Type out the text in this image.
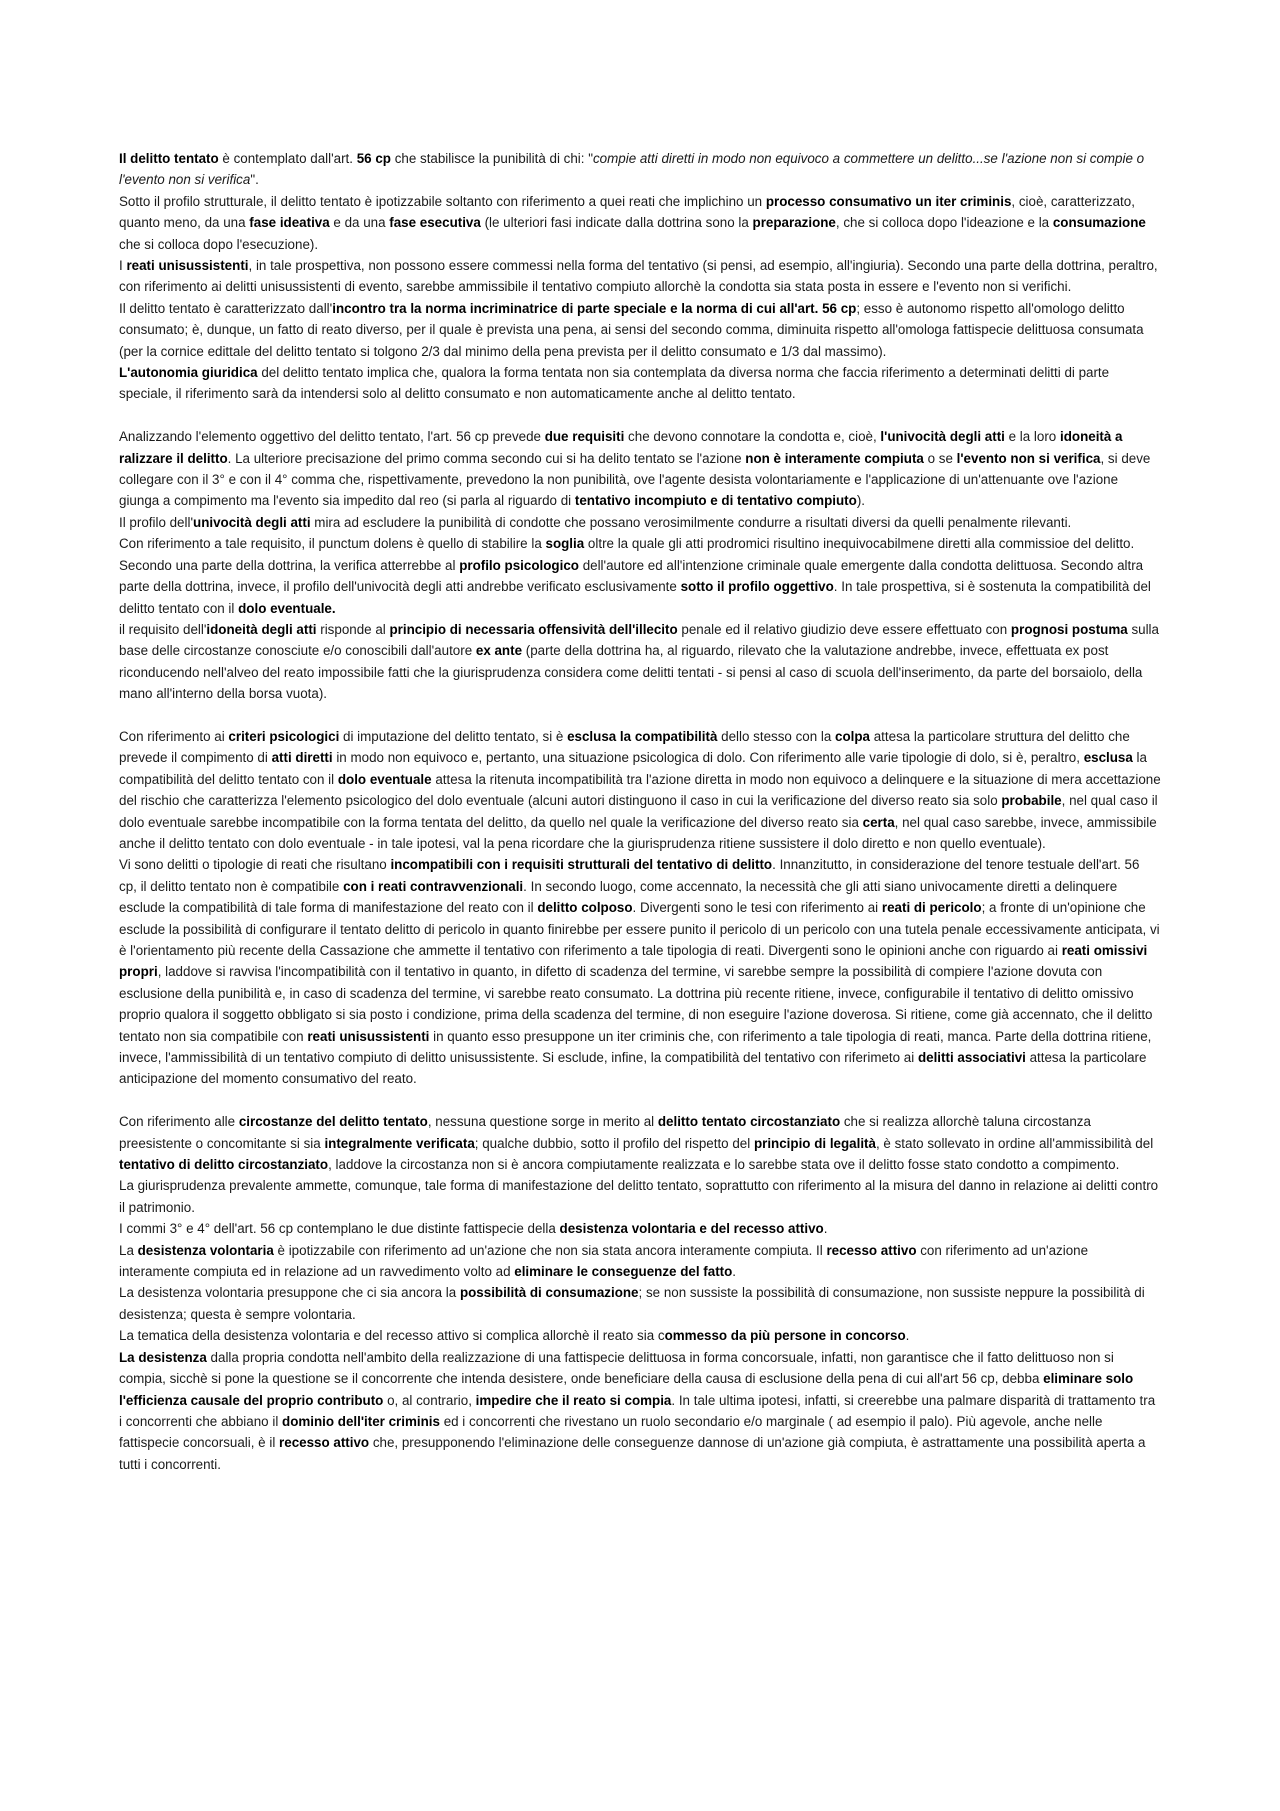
Il delitto tentato è contemplato dall'art. 56 cp che stabilisce la punibilità di chi: "compie atti diretti in modo non equivoco a commettere un delitto...se l'azione non si compie o l'evento non si verifica".

Sotto il profilo strutturale, il delitto tentato è ipotizzabile soltanto con riferimento a quei reati che implichino un processo consumativo un iter criminis, cioè, caratterizzato, quanto meno, da una fase ideativa e da una fase esecutiva (le ulteriori fasi indicate dalla dottrina sono la preparazione, che si colloca dopo l'ideazione e la consumazione che si colloca dopo l'esecuzione).

I reati unisussistenti, in tale prospettiva, non possono essere commessi nella forma del tentativo (si pensi, ad esempio, all'ingiuria). Secondo una parte della dottrina, peraltro, con riferimento ai delitti unisussistenti di evento, sarebbe ammissibile il tentativo compiuto allorchè la condotta sia stata posta in essere e l'evento non si verifichi.

Il delitto tentato è caratterizzato dall'incontro tra la norma incriminatrice di parte speciale e la norma di cui all'art. 56 cp; esso è autonomo rispetto all'omologo delitto consumato; è, dunque, un fatto di reato diverso, per il quale è prevista una pena, ai sensi del secondo comma, diminuita rispetto all'omologa fattispecie delittuosa consumata (per la cornice edittale del delitto tentato si tolgono 2/3 dal minimo della pena prevista per il delitto consumato e 1/3 dal massimo).

L'autonomia giuridica del delitto tentato implica che, qualora la forma tentata non sia contemplata da diversa norma che faccia riferimento a determinati delitti di parte speciale, il riferimento sarà da intendersi solo al delitto consumato e non automaticamente anche al delitto tentato.

Analizzando l'elemento oggettivo del delitto tentato, l'art. 56 cp prevede due requisiti che devono connotare la condotta e, cioè, l'univocità degli atti e la loro idoneità a ralizzare il delitto. La ulteriore precisazione del primo comma secondo cui si ha delito tentato se l'azione non è interamente compiuta o se l'evento non si verifica, si deve collegare con il 3° e con il 4° comma che, rispettivamente, prevedono la non punibilità, ove l'agente desista volontariamente e l'applicazione di un'attenuante ove l'azione giunga a compimento ma l'evento sia impedito dal reo (si parla al riguardo di tentativo incompiuto e di tentativo compiuto).

Il profilo dell'univocità degli atti mira ad escludere la punibilità di condotte che possano verosimilmente condurre a risultati diversi da quelli penalmente rilevanti.

Con riferimento a tale requisito, il punctum dolens è quello di stabilire la soglia oltre la quale gli atti prodromici risultino inequivocabilmene diretti alla commissioe del delitto. Secondo una parte della dottrina, la verifica atterrebbe al profilo psicologico dell'autore ed all'intenzione criminale quale emergente dalla condotta delittuosa. Secondo altra parte della dottrina, invece, il profilo dell'univocità degli atti andrebbe verificato esclusivamente sotto il profilo oggettivo. In tale prospettiva, si è sostenuta la compatibilità del delitto tentato con il dolo eventuale.

il requisito dell'idoneità degli atti risponde al principio di necessaria offensività dell'illecito penale ed il relativo giudizio deve essere effettuato con prognosi postuma sulla base delle circostanze conosciute e/o conoscibili dall'autore ex ante (parte della dottrina ha, al riguardo, rilevato che la valutazione andrebbe, invece, effettuata ex post riconducendo nell'alveo del reato impossibile fatti che la giurisprudenza considera come delitti tentati - si pensi al caso di scuola dell'inserimento, da parte del borsaiolo, della mano all'interno della borsa vuota).

Con riferimento ai criteri psicologici di imputazione del delitto tentato, si è esclusa la compatibilità dello stesso con la colpa attesa la particolare struttura del delitto che prevede il compimento di atti diretti in modo non equivoco e, pertanto, una situazione psicologica di dolo. Con riferimento alle varie tipologie di dolo, si è, peraltro, esclusa la compatibilità del delitto tentato con il dolo eventuale attesa la ritenuta incompatibilità tra l'azione diretta in modo non equivoco a delinquere e la situazione di mera accettazione del rischio che caratterizza l'elemento psicologico del dolo eventuale (alcuni autori distinguono il caso in cui la verificazione del diverso reato sia solo probabile, nel qual caso il dolo eventuale sarebbe incompatibile con la forma tentata del delitto, da quello nel quale la verificazione del diverso reato sia certa, nel qual caso sarebbe, invece, ammissibile anche il delitto tentato con dolo eventuale - in tale ipotesi, val la pena ricordare che la giurisprudenza ritiene sussistere il dolo diretto e non quello eventuale).

Vi sono delitti o tipologie di reati che risultano incompatibili con i requisiti strutturali del tentativo di delitto. Innanzitutto, in considerazione del tenore testuale dell'art. 56 cp, il delitto tentato non è compatibile con i reati contravvenzionali. In secondo luogo, come accennato, la necessità che gli atti siano univocamente diretti a delinquere esclude la compatibilità di tale forma di manifestazione del reato con il delitto colposo. Divergenti sono le tesi con riferimento ai reati di pericolo; a fronte di un'opinione che esclude la possibilità di configurare il tentato delitto di pericolo in quanto finirebbe per essere punito il pericolo di un pericolo con una tutela penale eccessivamente anticipata, vi è l'orientamento più recente della Cassazione che ammette il tentativo con riferimento a tale tipologia di reati. Divergenti sono le opinioni anche con riguardo ai reati omissivi propri, laddove si ravvisa l'incompatibilità con il tentativo in quanto, in difetto di scadenza del termine, vi sarebbe sempre la possibilità di compiere l'azione dovuta con esclusione della punibilità e, in caso di scadenza del termine, vi sarebbe reato consumato. La dottrina più recente ritiene, invece, configurabile il tentativo di delitto omissivo proprio qualora il soggetto obbligato si sia posto i condizione, prima della scadenza del termine, di non eseguire l'azione doverosa. Si ritiene, come già accennato, che il delitto tentato non sia compatibile con reati unisussistenti in quanto esso presuppone un iter criminis che, con riferimento a tale tipologia di reati, manca. Parte della dottrina ritiene, invece, l'ammissibilità di un tentativo compiuto di delitto unisussistente. Si esclude, infine, la compatibilità del tentativo con riferimeto ai delitti associativi attesa la particolare anticipazione del momento consumativo del reato.

Con riferimento alle circostanze del delitto tentato, nessuna questione sorge in merito al delitto tentato circostanziato che si realizza allorchè taluna circostanza preesistente o concomitante si sia integralmente verificata; qualche dubbio, sotto il profilo del rispetto del principio di legalità, è stato sollevato in ordine all'ammissibilità del tentativo di delitto circostanziato, laddove la circostanza non si è ancora compiutamente realizzata e lo sarebbe stata ove il delitto fosse stato condotto a compimento.

La giurisprudenza prevalente ammette, comunque, tale forma di manifestazione del delitto tentato, soprattutto con riferimento al la misura del danno in relazione ai delitti contro il patrimonio.

I commi 3° e 4° dell'art. 56 cp contemplano le due distinte fattispecie della desistenza volontaria e del recesso attivo.

La desistenza volontaria è ipotizzabile con riferimento ad un'azione che non sia stata ancora interamente compiuta. Il recesso attivo con riferimento ad un'azione interamente compiuta ed in relazione ad un ravvedimento volto ad eliminare le conseguenze del fatto.

La desistenza volontaria presuppone che ci sia ancora la possibilità di consumazione; se non sussiste la possibilità di consumazione, non sussiste neppure la possibilità di desistenza; questa è sempre volontaria.

La tematica della desistenza volontaria e del recesso attivo si complica allorchè il reato sia commesso da più persone in concorso.

La desistenza dalla propria condotta nell'ambito della realizzazione di una fattispecie delittuosa in forma concorsuale, infatti, non garantisce che il fatto delittuoso non si compia, sicchè si pone la questione se il concorrente che intenda desistere, onde beneficiare della causa di esclusione della pena di cui all'art 56 cp, debba eliminare solo l'efficienza causale del proprio contributo o, al contrario, impedire che il reato si compia. In tale ultima ipotesi, infatti, si creerebbe una palmare disparità di trattamento tra i concorrenti che abbiano il dominio dell'iter criminis ed i concorrenti che rivestano un ruolo secondario e/o marginale ( ad esempio il palo). Più agevole, anche nelle fattispecie concorsuali, è il recesso attivo che, presupponendo l'eliminazione delle conseguenze dannose di un'azione già compiuta, è astrattamente una possibilità aperta a tutti i concorrenti.
